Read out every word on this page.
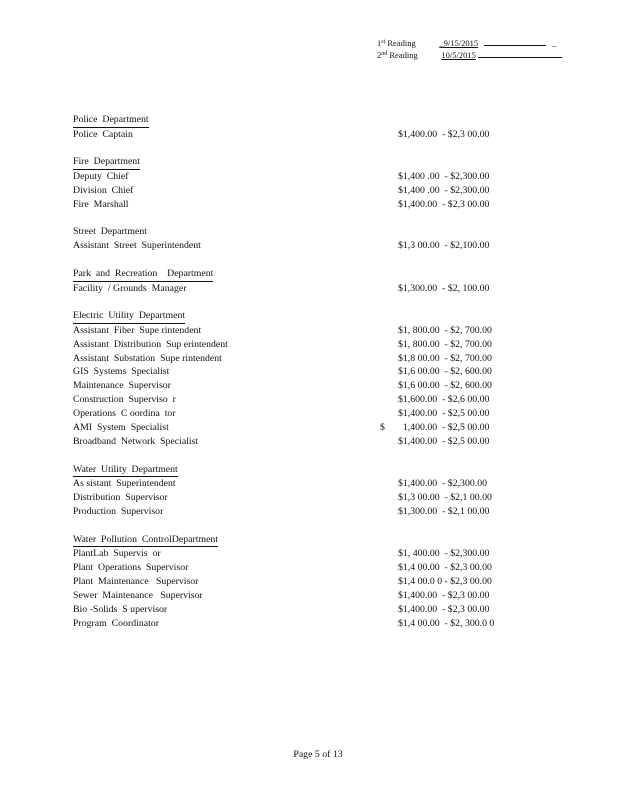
1st Reading	_9/15/2015	_
2nd Reading	10/5/2015
Police  Department
Police  Captain	$1,400.00  - $2,3 00.00
Fire  Department
Deputy  Chief	$1,400 .00  - $2,300.00
Division  Chief	$1,400 .00  - $2,300.00
Fire  Marshall	$1,400.00  - $2,3 00.00
Street  Department
Assistant  Street  Superintendent	$1,3 00.00  - $2,100.00
Park  and  Recreation    Department
Facility  / Grounds  Manager	$1,300.00  - $2, 100.00
Electric  Utility  Department
Assistant  Fiber  Supe rintendent	$1, 800.00  - $2, 700.00
Assistant  Distribution  Sup erintendent	$1, 800.00  - $2, 700.00
Assistant  Substation  Supe rintendent	$1,8 00.00  - $2, 700.00
GIS  Systems  Specialist	$1,6 00.00  - $2, 600.00
Maintenance  Supervisor	$1,6 00.00  - $2, 600.00
Construction  Superviso  r	$1,600.00  - $2,6 00.00
Operations  C oordina  tor	$1,400.00  - $2,5 00.00
AMI  System  Specialist	$ 1,400.00  - $2,5 00.00
Broadband  Network  Specialist	$1,400.00  - $2,5 00.00
Water  Utility  Department
As sistant  Superintendent	$1,400.00  - $2,300.00
Distribution  Supervisor	$1,3 00.00  - $2,1 00.00
Production  Supervisor	$1,300.00  - $2,1 00.00
Water  Pollution  ControlDepartment
PlantLab  Supervis  or	$1, 400.00  - $2,300.00
Plant  Operations  Supervisor	$1,4 00.00  - $2,3 00.00
Plant  Maintenance   Supervisor	$1,4 00.0 0 - $2,3 00.00
Sewer  Maintenance   Supervisor	$1,400.00  - $2,3 00.00
Bio -Solids  S upervisor	$1,400.00  - $2,3 00.00
Program  Coordinator	$1,4 00.00  - $2, 300.0 0
Page 5 of 13
